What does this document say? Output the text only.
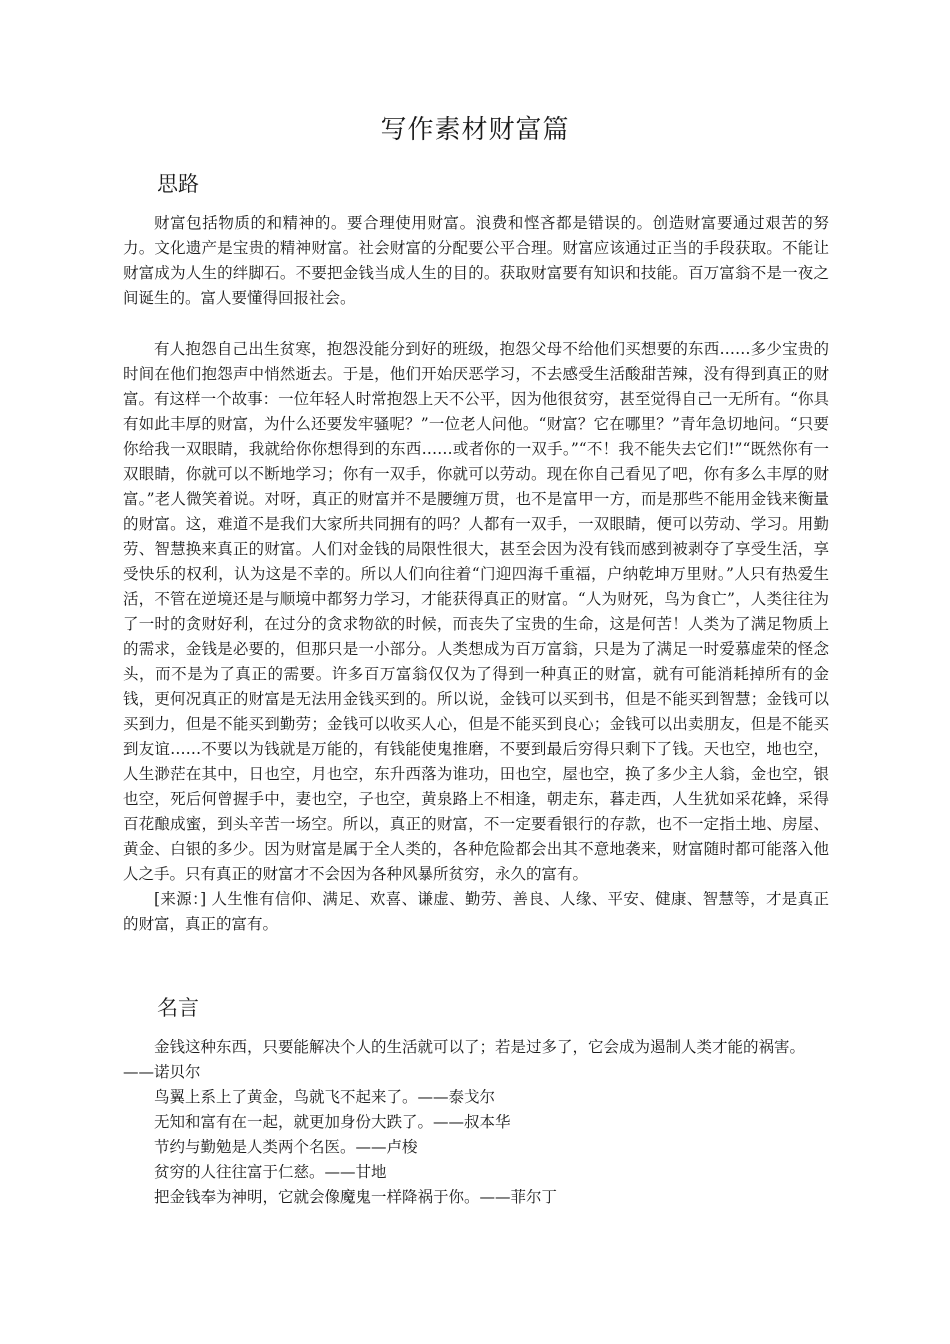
写作素材财富篇
思路

财富包括物质的和精神的。要合理使用财富。浪费和悭吝都是错误的。创造财富要通过艰苦的努力。文化遗产是宝贵的精神财富。社会财富的分配要公平合理。财富应该通过正当的手段获取。不能让财富成为人生的绊脚石。不要把金钱当成人生的目的。获取财富要有知识和技能。百万富翁不是一夜之间诞生的。富人要懂得回报社会。

有人抱怨自己出生贫寒，抱怨没能分到好的班级，抱怨父母不给他们买想要的东西……多少宝贵的时间在他们抱怨声中悄然逝去。于是，他们开始厌恶学习，不去感受生活酸甜苦辣，没有得到真正的财富。有这样一个故事：一位年轻人时常抱怨上天不公平，因为他很贫穷，甚至觉得自己一无所有。“你具有如此丰厚的财富，为什么还要发牢骚呢？”一位老人问他。“财富？它在哪里？”青年急切地问。“只要你给我一双眼睛，我就给你你想得到的东西……或者你的一双手。”“不！我不能失去它们!”“既然你有一双眼睛，你就可以不断地学习；你有一双手，你就可以劳动。现在你自己看见了吧，你有多么丰厚的财富。”老人微笑着说。对呀，真正的财富并不是腰缠万贯，也不是富甲一方，而是那些不能用金钱来衡量的财富。这，难道不是我们大家所共同拥有的吗？人都有一双手，一双眼睛，便可以劳动、学习。用勤劳、智慧换来真正的财富。人们对金钱的局限性很大，甚至会因为没有钱而感到被剥夺了享受生活，享受快乐的权利，认为这是不幸的。所以人们向往着“门迎四海千重福，户纳乾坤万里财。”人只有热爱生活，不管在逆境还是与顺境中都努力学习，才能获得真正的财富。“人为财死，鸟为食亡”，人类往往为了一时的贪财好利，在过分的贪求物欲的时候，而丧失了宝贵的生命，这是何苦！人类为了满足物质上的需求，金钱是必要的，但那只是一小部分。人类想成为百万富翁，只是为了满足一时爱慕虚荣的怪念头，而不是为了真正的需要。许多百万富翁仅仅为了得到一种真正的财富，就有可能消耗掉所有的金钱，更何况真正的财富是无法用金钱买到的。所以说，金钱可以买到书，但是不能买到智慧；金钱可以买到力，但是不能买到勤劳；金钱可以收买人心，但是不能买到良心；金钱可以出卖朋友，但是不能买到友谊……不要以为钱就是万能的，有钱能使鬼推磨，不要到最后穷得只剩下了钱。天也空，地也空，人生渺茫在其中，日也空，月也空，东升西落为谁功，田也空，屋也空，换了多少主人翁，金也空，银也空，死后何曾握手中，妻也空，子也空，黄泉路上不相逢，朝走东，暮走西，人生犹如采花蜂，采得百花酿成蜜，到头辛苦一场空。所以，真正的财富，不一定要看银行的存款，也不一定指土地、房屋、黄金、白银的多少。因为财富是属于全人类的，各种危险都会出其不意地袭来，财富随时都可能落入他人之手。只有真正的财富才不会因为各种风暴所贫穷，永久的富有。

[来源：] 人生惟有信仰、满足、欢喜、谦虚、勤劳、善良、人缘、平安、健康、智慧等，才是真正的财富，真正的富有。

名言

金钱这种东西，只要能解决个人的生活就可以了；若是过多了，它会成为遏制人类才能的祸害。——诺贝尔

鸟翼上系上了黄金，鸟就飞不起来了。——泰戈尔

无知和富有在一起，就更加身份大跌了。——叔本华

节约与勤勉是人类两个名医。——卢梭

贫穷的人往往富于仁慈。——甘地

把金钱奉为神明，它就会像魔鬼一样降祸于你。——菲尔丁
